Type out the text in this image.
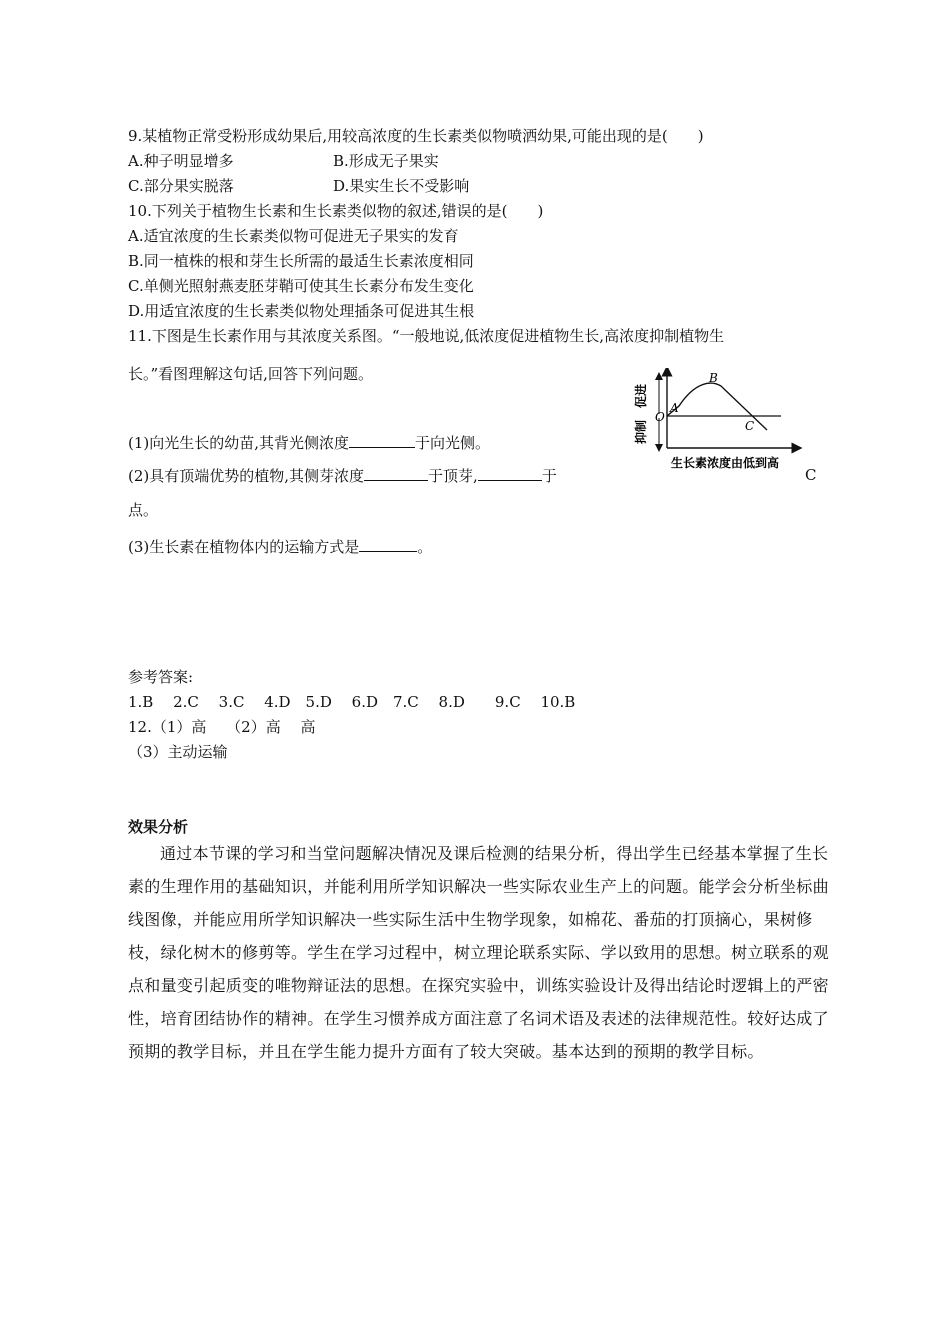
9.某植物正常受粉形成幼果后,用较高浓度的生长素类似物喷洒幼果,可能出现的是(　　)
A.种子明显增多	B.形成无子果实
C.部分果实脱落	D.果实生长不受影响
10.下列关于植物生长素和生长素类似物的叙述,错误的是(　　)
A.适宜浓度的生长素类似物可促进无子果实的发育
B.同一植株的根和芽生长所需的最适生长素浓度相同
C.单侧光照射燕麦胚芽鞘可使其生长素分布发生变化
D.用适宜浓度的生长素类似物处理插条可促进其生根
11.下图是生长素作用与其浓度关系图。“一般地说,低浓度促进植物生长,高浓度抑制植物生
长。”看图理解这句话,回答下列问题。
(1)向光生长的幼苗,其背光侧浓度	于向光侧。
(2)具有顶端优势的植物,其侧芽浓度	于顶芽,	于	C
点。
(3)生长素在植物体内的运输方式是	。
促进
抑制
O
A
B
C
生长素浓度由低到高
参考答案:
1.B　 2.C　 3.C　 4.D　5.D　 6.D　7.C　 8.D　　9.C　 10.B
12.（1）高　 （2）高　 高
（3）主动运输
效果分析
通过本节课的学习和当堂问题解决情况及课后检测的结果分析，得出学生已经基本掌握了生长素的生理作用的基础知识，并能利用所学知识解决一些实际农业生产上的问题。能学会分析坐标曲线图像，并能应用所学知识解决一些实际生活中生物学现象，如棉花、番茄的打顶摘心，果树修枝，绿化树木的修剪等。学生在学习过程中，树立理论联系实际、学以致用的思想。树立联系的观点和量变引起质变的唯物辩证法的思想。在探究实验中，训练实验设计及得出结论时逻辑上的严密性，培育团结协作的精神。在学生习惯养成方面注意了名词术语及表述的法律规范性。较好达成了预期的教学目标，并且在学生能力提升方面有了较大突破。基本达到的预期的教学目标。
